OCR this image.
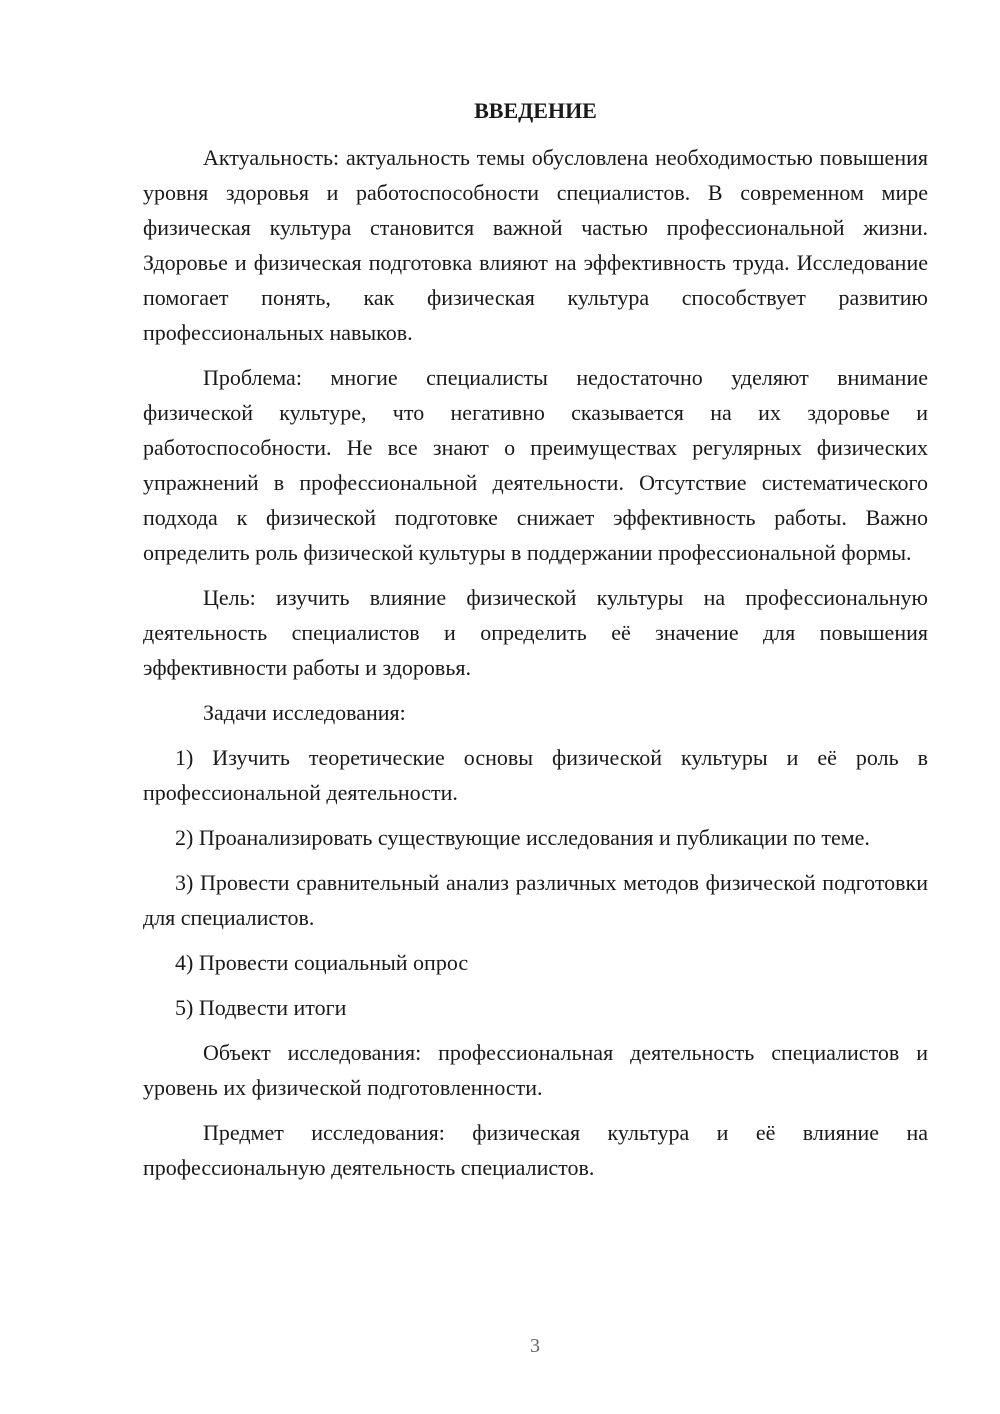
ВВЕДЕНИЕ

Актуальность: актуальность темы обусловлена необходимостью повышения уровня здоровья и работоспособности специалистов. В современном мире физическая культура становится важной частью профессиональной жизни. Здоровье и физическая подготовка влияют на эффективность труда. Исследование помогает понять, как физическая культура способствует развитию профессиональных навыков.

Проблема: многие специалисты недостаточно уделяют внимание физической культуре, что негативно сказывается на их здоровье и работоспособности. Не все знают о преимуществах регулярных физических упражнений в профессиональной деятельности. Отсутствие систематического подхода к физической подготовке снижает эффективность работы. Важно определить роль физической культуры в поддержании профессиональной формы.

Цель: изучить влияние физической культуры на профессиональную деятельность специалистов и определить её значение для повышения эффективности работы и здоровья.

Задачи исследования:

1) Изучить теоретические основы физической культуры и её роль в профессиональной деятельности.

2) Проанализировать существующие исследования и публикации по теме.

3) Провести сравнительный анализ различных методов физической подготовки для специалистов.

4) Провести социальный опрос

5) Подвести итоги

Объект исследования: профессиональная деятельность специалистов и уровень их физической подготовленности.

Предмет исследования: физическая культура и её влияние на профессиональную деятельность специалистов.

3
